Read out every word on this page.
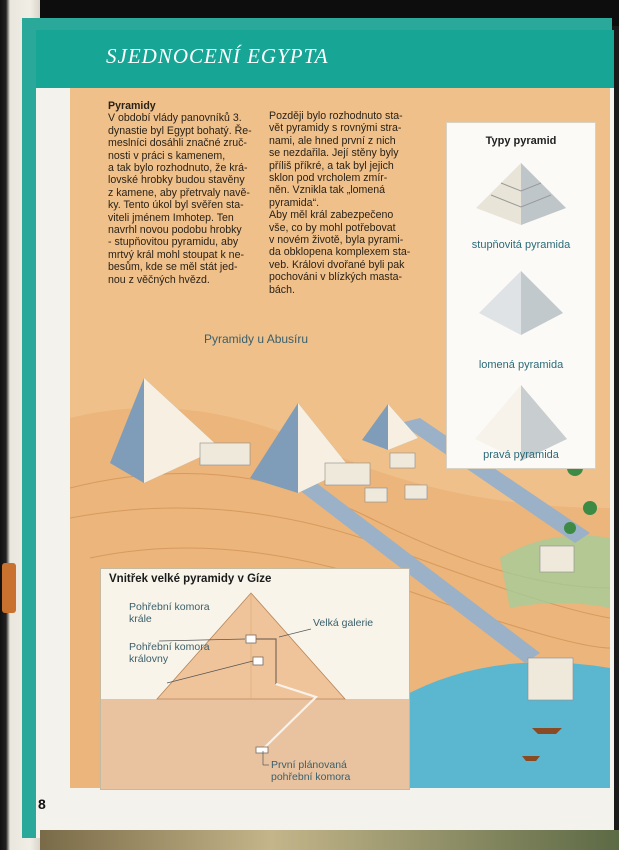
SJEDNOCENÍ EGYPTA
Pyramidy
V období vlády panovníků 3.
dynastie byl Egypt bohatý. Ře-
meslníci dosáhli značné zruč-
nosti v práci s kamenem,
a tak bylo rozhodnuto, že krá-
lovské hrobky budou stavěny
z kamene, aby přetrvaly navě-
ky. Tento úkol byl svěřen sta-
viteli jménem Imhotep. Ten
navrhl novou podobu hrobky
- stupňovitou pyramidu, aby
mrtvý král mohl stoupat k ne-
besům, kde se měl stát jed-
nou z věčných hvězd.
Později bylo rozhodnuto sta-
vět pyramidy s rovnými stra-
nami, ale hned první z nich
se nezdařila. Její stěny byly
příliš příkré, a tak byl jejich
sklon pod vrcholem zmír-
něn. Vznikla tak „lomená
pyramida“.
Aby měl král zabezpečeno
vše, co by mohl potřebovat
v novém životě, byla pyrami-
da obklopena komplexem sta-
veb. Královi dvořané byli pak
pochováni v blízkých masta-
bách.
Typy pyramid
stupňovitá pyramida
lomená pyramida
pravá pyramida
Pyramidy u Abusíru
Vnitřek velké pyramidy v Gíze
Pohřební komora
krále
Pohřební komora
královny
Velká galerie
První plánovaná
pohřební komora
8
